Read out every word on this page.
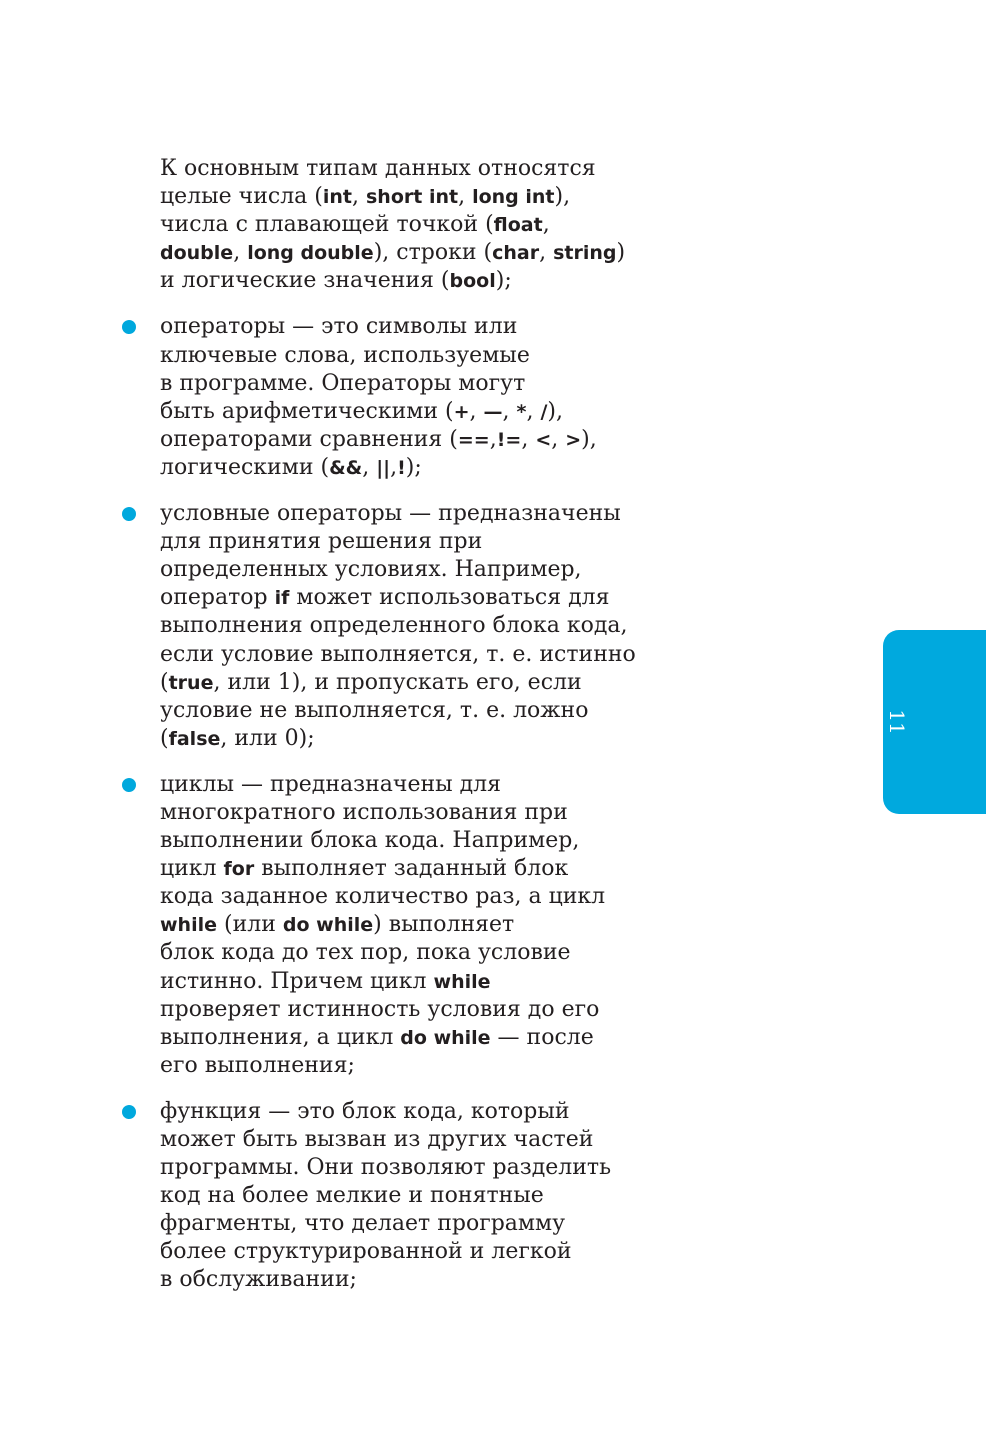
К основным типам данных относятся
целые числа (int, short int, long int),
числа с плавающей точкой (float,
double, long double), строки (char, string)
и логические значения (bool);
операторы — это символы или
ключевые слова, используемые
в программе. Операторы могут
быть арифметическими (+, —, *, /),
операторами сравнения (==,!=, <, >),
логическими (&&, ||,!);
условные операторы — предназначены
для принятия решения при
определенных условиях. Например,
оператор if может использоваться для
выполнения определенного блока кода,
если условие выполняется, т. е. истинно
(true, или 1), и пропускать его, если
условие не выполняется, т. е. ложно
(false, или 0);
циклы — предназначены для
многократного использования при
выполнении блока кода. Например,
цикл for выполняет заданный блок
кода заданное количество раз, а цикл
while (или do while) выполняет
блок кода до тех пор, пока условие
истинно. Причем цикл while
проверяет истинность условия до его
выполнения, а цикл do while — после
его выполнения;
функция — это блок кода, который
может быть вызван из других частей
программы. Они позволяют разделить
код на более мелкие и понятные
фрагменты, что делает программу
более структурированной и легкой
в обслуживании;
11
